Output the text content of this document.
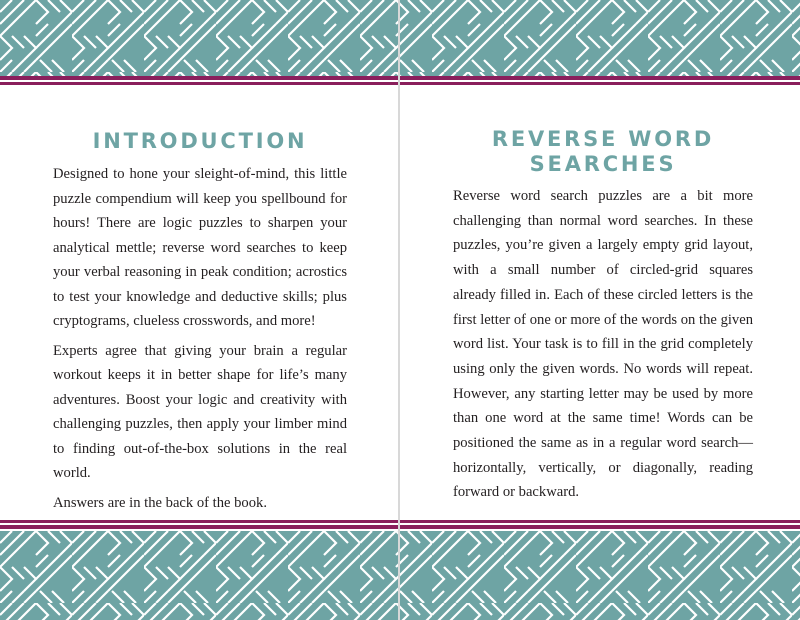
INTRODUCTION

Designed to hone your sleight-of-mind, this little puzzle compendium will keep you spellbound for hours! There are logic puzzles to sharpen your analytical mettle; reverse word searches to keep your verbal reasoning in peak condition; acrostics to test your knowledge and deductive skills; plus cryptograms, clueless crosswords, and more!

Experts agree that giving your brain a regular workout keeps it in better shape for life’s many adventures. Boost your logic and creativity with challenging puzzles, then apply your limber mind to finding out-of-the-box solutions in the real world.

Answers are in the back of the book.

REVERSE WORD SEARCHES

Reverse word search puzzles are a bit more challenging than normal word searches. In these puzzles, you’re given a largely empty grid layout, with a small number of circled-grid squares already filled in. Each of these circled letters is the first letter of one or more of the words on the given word list. Your task is to fill in the grid completely using only the given words. No words will repeat. However, any starting letter may be used by more than one word at the same time! Words can be positioned the same as in a regular word search—horizontally, vertically, or diagonally, reading forward or backward.
